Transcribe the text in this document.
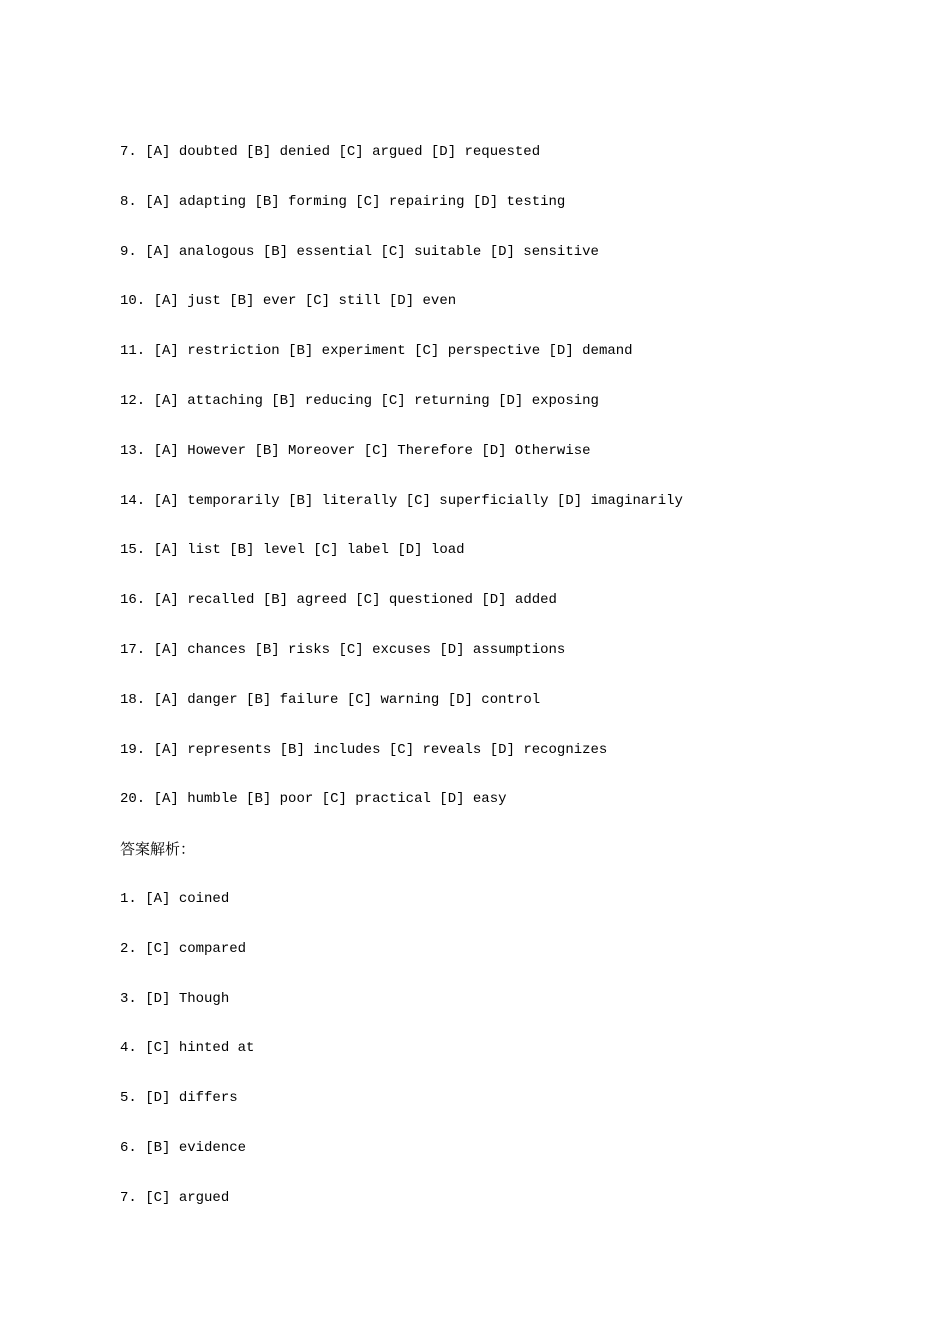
7. [A] doubted [B] denied [C] argued [D] requested
8. [A] adapting [B] forming [C] repairing [D] testing
9. [A] analogous [B] essential [C] suitable [D] sensitive
10. [A] just [B] ever [C] still [D] even
11. [A] restriction [B] experiment [C] perspective [D] demand
12. [A] attaching [B] reducing [C] returning [D] exposing
13. [A] However [B] Moreover [C] Therefore [D] Otherwise
14. [A] temporarily [B] literally [C] superficially [D] imaginarily
15. [A] list [B] level [C] label [D] load
16. [A] recalled [B] agreed [C] questioned [D] added
17. [A] chances [B] risks [C] excuses [D] assumptions
18. [A] danger [B] failure [C] warning [D] control
19. [A] represents [B] includes [C] reveals [D] recognizes
20. [A] humble [B] poor [C] practical [D] easy
答案解析：
1. [A] coined
2. [C] compared
3. [D] Though
4. [C] hinted at
5. [D] differs
6. [B] evidence
7. [C] argued
